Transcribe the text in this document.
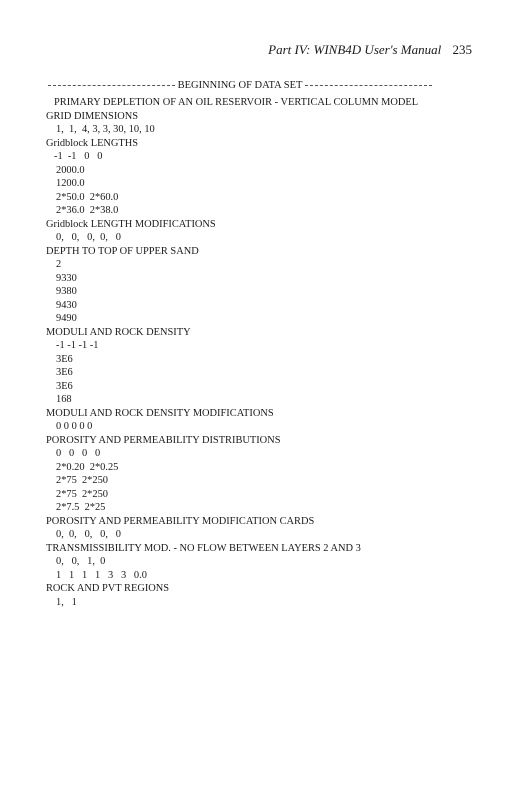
Part IV: WINB4D User's Manual 235
BEGINNING OF DATA SET
PRIMARY DEPLETION OF AN OIL RESERVOIR - VERTICAL COLUMN MODEL
GRID DIMENSIONS
1,  1,  4, 3, 3, 30, 10, 10
Gridblock LENGTHS
-1  -1   0   0
2000.0
1200.0
2*50.0  2*60.0
2*36.0  2*38.0
Gridblock LENGTH MODIFICATIONS
0,   0,   0,  0,   0
DEPTH TO TOP OF UPPER SAND
2
9330
9380
9430
9490
MODULI AND ROCK DENSITY
-1 -1 -1 -1
3E6
3E6
3E6
168
MODULI AND ROCK DENSITY MODIFICATIONS
0 0 0 0 0
POROSITY AND PERMEABILITY DISTRIBUTIONS
0   0   0   0
2*0.20  2*0.25
2*75  2*250
2*75  2*250
2*7.5  2*25
POROSITY AND PERMEABILITY MODIFICATION CARDS
0,  0,   0,   0,   0
TRANSMISSIBILITY MOD. - NO FLOW BETWEEN LAYERS 2 AND 3
0,   0,   1,  0
1   1   1   1   3   3   0.0
ROCK AND PVT REGIONS
1,   1
